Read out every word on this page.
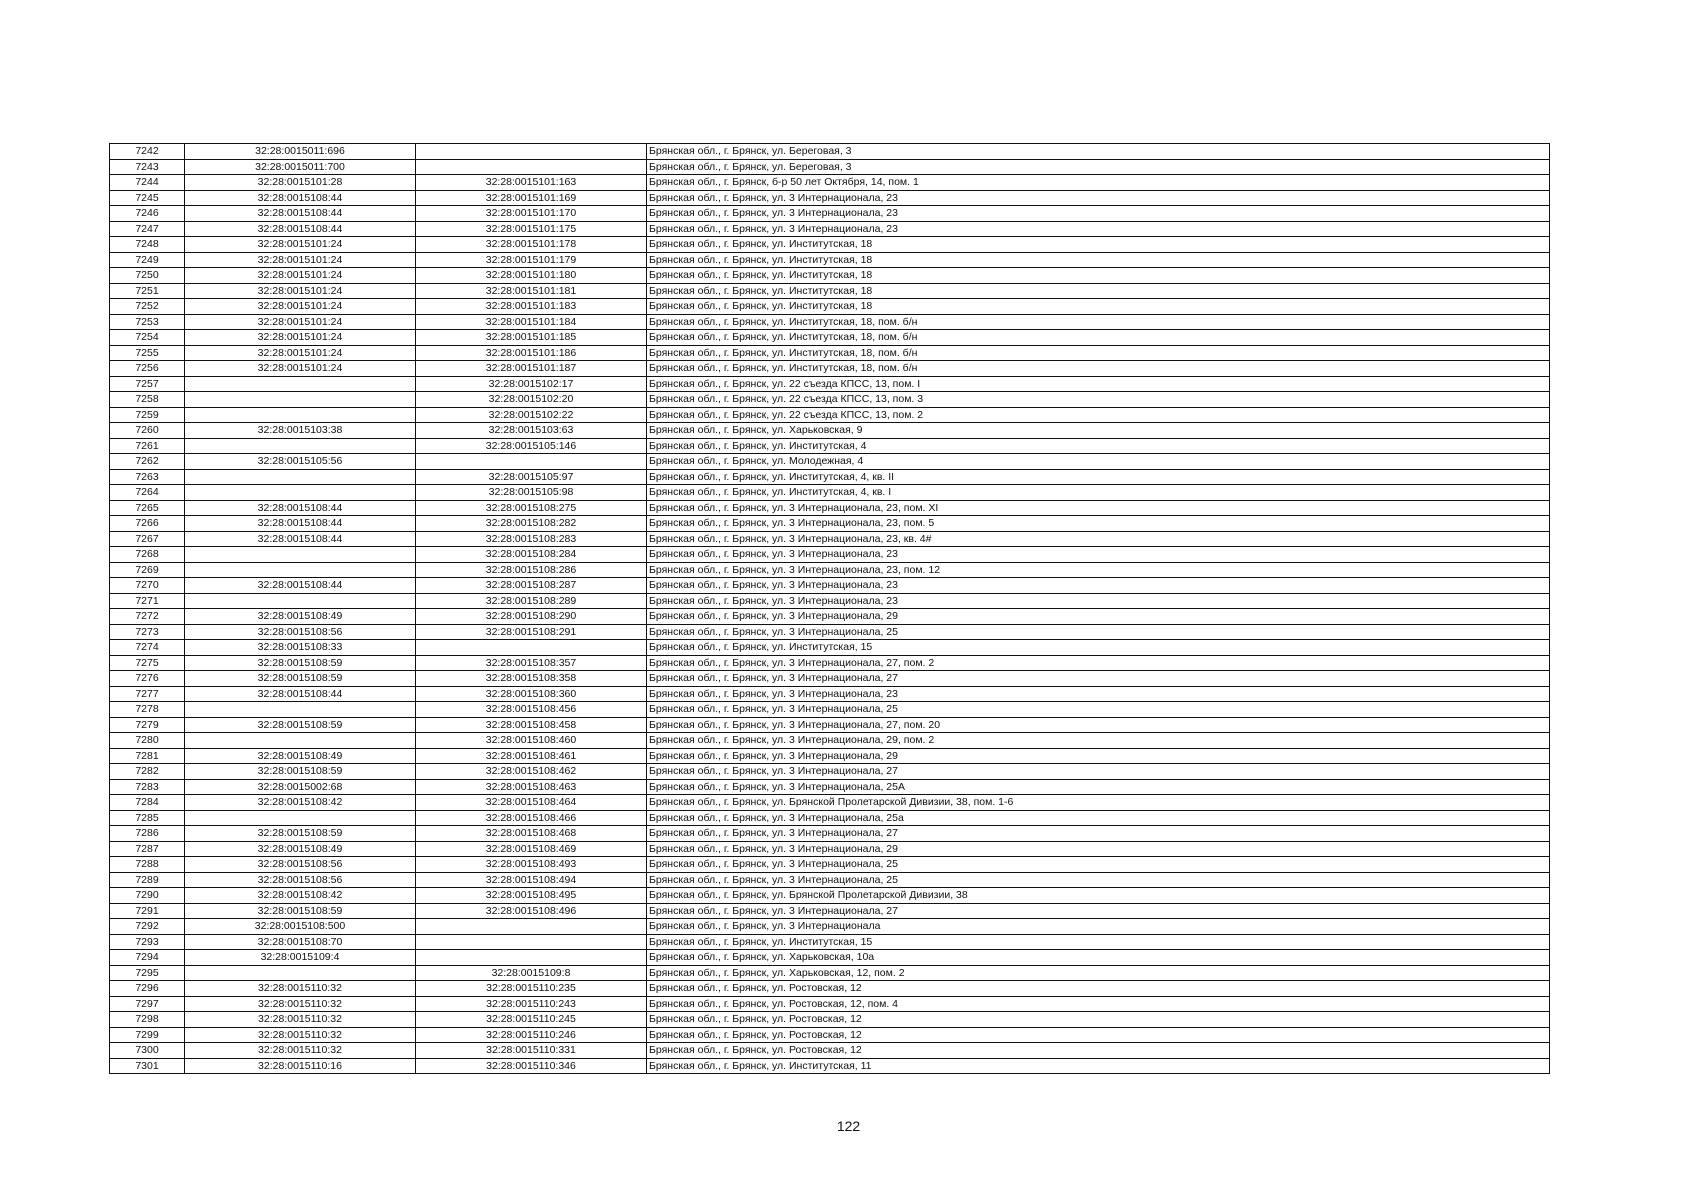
7242	32:28:0015011:696		Брянская обл., г. Брянск, ул. Береговая, 3
7243	32:28:0015011:700		Брянская обл., г. Брянск, ул. Береговая, 3
7244	32:28:0015101:28	32:28:0015101:163	Брянская обл., г. Брянск, б-р 50 лет Октября, 14, пом. 1
7245	32:28:0015108:44	32:28:0015101:169	Брянская обл., г. Брянск, ул. 3 Интернационала, 23
7246	32:28:0015108:44	32:28:0015101:170	Брянская обл., г. Брянск, ул. 3 Интернационала, 23
7247	32:28:0015108:44	32:28:0015101:175	Брянская обл., г. Брянск, ул. 3 Интернационала, 23
7248	32:28:0015101:24	32:28:0015101:178	Брянская обл., г. Брянск, ул. Институтская, 18
7249	32:28:0015101:24	32:28:0015101:179	Брянская обл., г. Брянск, ул. Институтская, 18
7250	32:28:0015101:24	32:28:0015101:180	Брянская обл., г. Брянск, ул. Институтская, 18
7251	32:28:0015101:24	32:28:0015101:181	Брянская обл., г. Брянск, ул. Институтская, 18
7252	32:28:0015101:24	32:28:0015101:183	Брянская обл., г. Брянск, ул. Институтская, 18
7253	32:28:0015101:24	32:28:0015101:184	Брянская обл., г. Брянск, ул. Институтская, 18, пом. б/н
7254	32:28:0015101:24	32:28:0015101:185	Брянская обл., г. Брянск, ул. Институтская, 18, пом. б/н
7255	32:28:0015101:24	32:28:0015101:186	Брянская обл., г. Брянск, ул. Институтская, 18, пом. б/н
7256	32:28:0015101:24	32:28:0015101:187	Брянская обл., г. Брянск, ул. Институтская, 18, пом. б/н
7257		32:28:0015102:17	Брянская обл., г. Брянск, ул. 22 съезда КПСС, 13, пом. I
7258		32:28:0015102:20	Брянская обл., г. Брянск, ул. 22 съезда КПСС, 13, пом. 3
7259		32:28:0015102:22	Брянская обл., г. Брянск, ул. 22 съезда КПСС, 13, пом. 2
7260	32:28:0015103:38	32:28:0015103:63	Брянская обл., г. Брянск, ул. Харьковская, 9
7261		32:28:0015105:146	Брянская обл., г. Брянск, ул. Институтская, 4
7262	32:28:0015105:56		Брянская обл., г. Брянск, ул. Молодежная, 4
7263		32:28:0015105:97	Брянская обл., г. Брянск, ул. Институтская, 4, кв. II
7264		32:28:0015105:98	Брянская обл., г. Брянск, ул. Институтская, 4, кв. I
7265	32:28:0015108:44	32:28:0015108:275	Брянская обл., г. Брянск, ул. 3 Интернационала, 23, пом. XI
7266	32:28:0015108:44	32:28:0015108:282	Брянская обл., г. Брянск, ул. 3 Интернационала, 23, пом. 5
7267	32:28:0015108:44	32:28:0015108:283	Брянская обл., г. Брянск, ул. 3 Интернационала, 23, кв. 4#
7268		32:28:0015108:284	Брянская обл., г. Брянск, ул. 3 Интернационала, 23
7269		32:28:0015108:286	Брянская обл., г. Брянск, ул. 3 Интернационала, 23, пом. 12
7270	32:28:0015108:44	32:28:0015108:287	Брянская обл., г. Брянск, ул. 3 Интернационала, 23
7271		32:28:0015108:289	Брянская обл., г. Брянск, ул. 3 Интернационала, 23
7272	32:28:0015108:49	32:28:0015108:290	Брянская обл., г. Брянск, ул. 3 Интернационала, 29
7273	32:28:0015108:56	32:28:0015108:291	Брянская обл., г. Брянск, ул. 3 Интернационала, 25
7274	32:28:0015108:33		Брянская обл., г. Брянск, ул. Институтская, 15
7275	32:28:0015108:59	32:28:0015108:357	Брянская обл., г. Брянск, ул. 3 Интернационала, 27, пом. 2
7276	32:28:0015108:59	32:28:0015108:358	Брянская обл., г. Брянск, ул. 3 Интернационала, 27
7277	32:28:0015108:44	32:28:0015108:360	Брянская обл., г. Брянск, ул. 3 Интернационала, 23
7278		32:28:0015108:456	Брянская обл., г. Брянск, ул. 3 Интернационала, 25
7279	32:28:0015108:59	32:28:0015108:458	Брянская обл., г. Брянск, ул. 3 Интернационала, 27, пом. 20
7280		32:28:0015108:460	Брянская обл., г. Брянск, ул. 3 Интернационала, 29, пом. 2
7281	32:28:0015108:49	32:28:0015108:461	Брянская обл., г. Брянск, ул. 3 Интернационала, 29
7282	32:28:0015108:59	32:28:0015108:462	Брянская обл., г. Брянск, ул. 3 Интернационала, 27
7283	32:28:0015002:68	32:28:0015108:463	Брянская обл., г. Брянск, ул. 3 Интернационала, 25А
7284	32:28:0015108:42	32:28:0015108:464	Брянская обл., г. Брянск, ул. Брянской Пролетарской Дивизии, 38, пом. 1-6
7285		32:28:0015108:466	Брянская обл., г. Брянск, ул. 3 Интернационала, 25а
7286	32:28:0015108:59	32:28:0015108:468	Брянская обл., г. Брянск, ул. 3 Интернационала, 27
7287	32:28:0015108:49	32:28:0015108:469	Брянская обл., г. Брянск, ул. 3 Интернационала, 29
7288	32:28:0015108:56	32:28:0015108:493	Брянская обл., г. Брянск, ул. 3 Интернационала, 25
7289	32:28:0015108:56	32:28:0015108:494	Брянская обл., г. Брянск, ул. 3 Интернационала, 25
7290	32:28:0015108:42	32:28:0015108:495	Брянская обл., г. Брянск, ул. Брянской Пролетарской Дивизии, 38
7291	32:28:0015108:59	32:28:0015108:496	Брянская обл., г. Брянск, ул. 3 Интернационала, 27
7292	32:28:0015108:500		Брянская обл., г. Брянск, ул. 3 Интернационала
7293	32:28:0015108:70		Брянская обл., г. Брянск, ул. Институтская, 15
7294	32:28:0015109:4		Брянская обл., г. Брянск, ул. Харьковская, 10а
7295		32:28:0015109:8	Брянская обл., г. Брянск, ул. Харьковская, 12, пом. 2
7296	32:28:0015110:32	32:28:0015110:235	Брянская обл., г. Брянск, ул. Ростовская, 12
7297	32:28:0015110:32	32:28:0015110:243	Брянская обл., г. Брянск, ул. Ростовская, 12, пом. 4
7298	32:28:0015110:32	32:28:0015110:245	Брянская обл., г. Брянск, ул. Ростовская, 12
7299	32:28:0015110:32	32:28:0015110:246	Брянская обл., г. Брянск, ул. Ростовская, 12
7300	32:28:0015110:32	32:28:0015110:331	Брянская обл., г. Брянск, ул. Ростовская, 12
7301	32:28:0015110:16	32:28:0015110:346	Брянская обл., г. Брянск, ул. Институтская, 11
122
